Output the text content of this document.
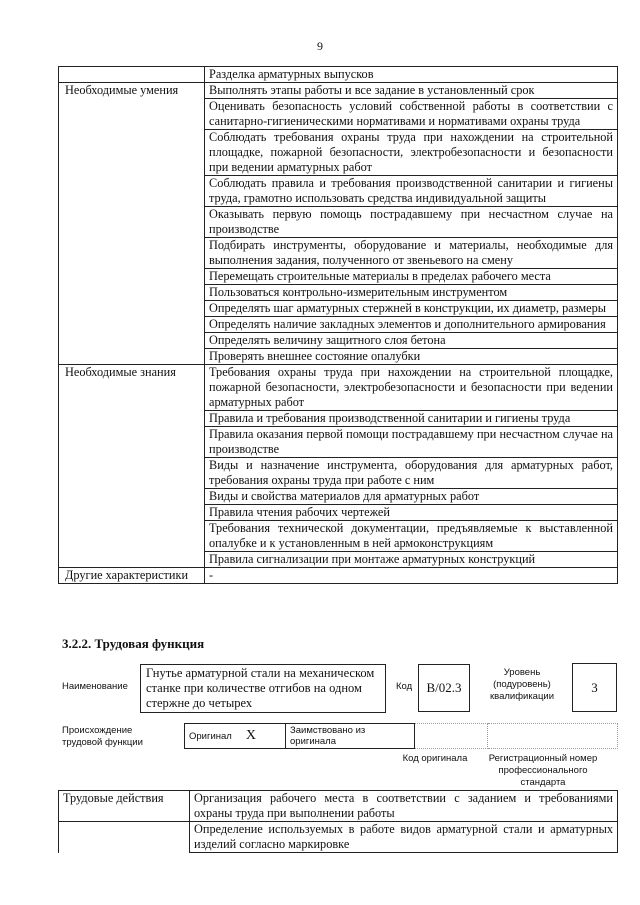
9
	Разделка арматурных выпусков
Необходимые умения	Выполнять этапы работы и все задание в установленный срок
	Оценивать безопасность условий собственной работы в соответствии с санитарно-гигиеническими нормативами и нормативами охраны труда
	Соблюдать требования охраны труда при нахождении на строительной площадке, пожарной безопасности, электробезопасности и безопасности при ведении арматурных работ
	Соблюдать правила и требования производственной санитарии и гигиены труда, грамотно использовать средства индивидуальной защиты
	Оказывать первую помощь пострадавшему при несчастном случае на производстве
	Подбирать инструменты, оборудование и материалы, необходимые для выполнения задания, полученного от звеньевого на смену
	Перемещать строительные материалы в пределах рабочего места
	Пользоваться контрольно-измерительным инструментом
	Определять шаг арматурных стержней в конструкции, их диаметр, размеры
	Определять наличие закладных элементов и дополнительного армирования
	Определять величину защитного слоя бетона
	Проверять внешнее состояние опалубки
Необходимые знания	Требования охраны труда при нахождении на строительной площадке, пожарной безопасности, электробезопасности и безопасности при ведении арматурных работ
	Правила и требования производственной санитарии и гигиены труда
	Правила оказания первой помощи пострадавшему при несчастном случае на производстве
	Виды и назначение инструмента, оборудования для арматурных работ, требования охраны труда при работе с ним
	Виды и свойства материалов для арматурных работ
	Правила чтения рабочих чертежей
	Требования технической документации, предъявляемые к выставленной опалубке и к установленным в ней армоконструкциям
	Правила сигнализации при монтаже арматурных конструкций
Другие характеристики	-
3.2.2. Трудовая функция
Наименование
Гнутье арматурной стали на механическом станке при количестве отгибов на одном стержне до четырех
Код В/02.3
Уровень (подуровень) квалификации
3
Происхождение трудовой функции
Оригинал X	Заимствовано из оригинала		
Код оригинала	Регистрационный номер профессионального стандарта
Трудовые действия	Организация рабочего места в соответствии с заданием и требованиями охраны труда при выполнении работы
	Определение используемых в работе видов арматурной стали и арматурных изделий согласно маркировке
